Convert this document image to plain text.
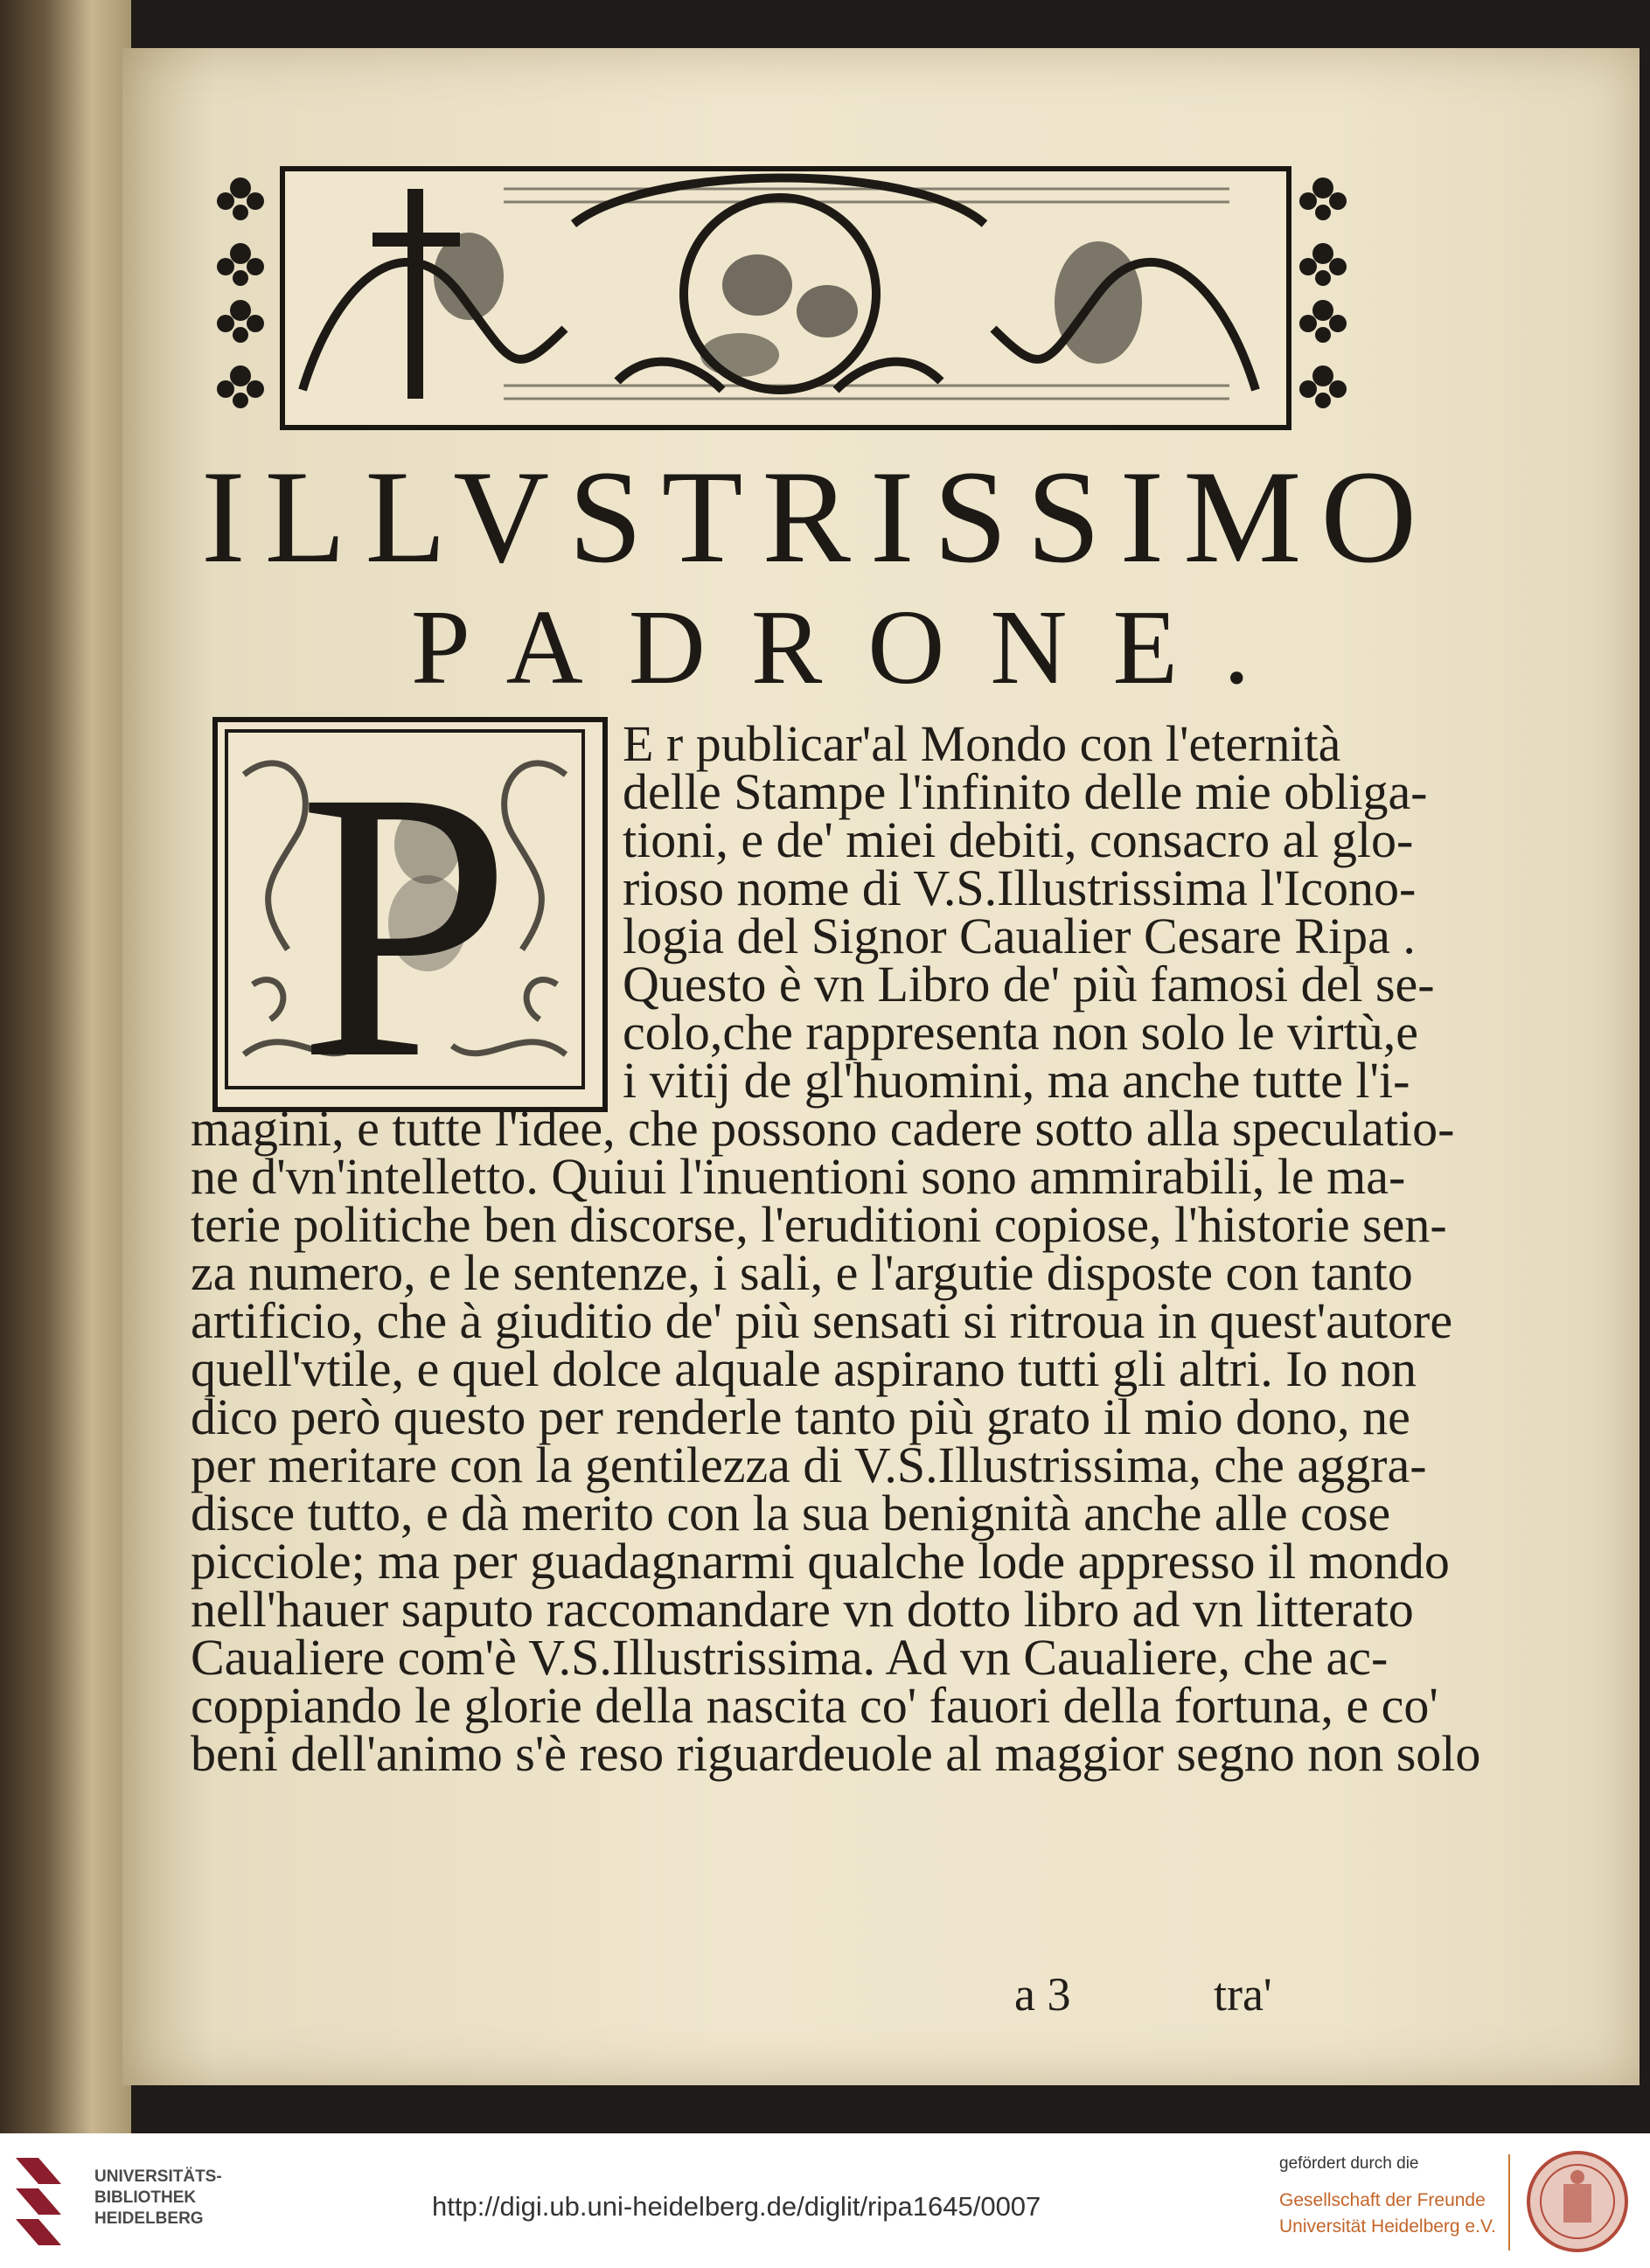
ILLVSTRISSIMO
PADRONE.
P E r publicar'al Mondo con l'eternità
delle Stampe l'infinito delle mie obliga-
tioni, e de' miei debiti, consacro al glo-
rioso nome di V.S.Illustrissima l'Icono-
logia del Signor Caualier Cesare Ripa .
Questo è vn Libro de' più famosi del se-
colo,che rappresenta non solo le virtù,e
i vitij de gl'huomini, ma anche tutte l'i-
magini, e tutte l'idee, che possono cadere sotto alla speculatio-
ne d'vn'intelletto. Quiui l'inuentioni sono ammirabili, le ma-
terie politiche ben discorse, l'eruditioni copiose, l'historie sen-
za numero, e le sentenze, i sali, e l'argutie disposte con tanto
artificio, che à giuditio de' più sensati si ritroua in quest'autore
quell'vtile, e quel dolce alquale aspirano tutti gli altri. Io non
dico però questo per renderle tanto più grato il mio dono, ne
per meritare con la gentilezza di V.S.Illustrissima, che aggra-
disce tutto, e dà merito con la sua benignità anche alle cose
picciole; ma per guadagnarmi qualche lode appresso il mondo
nell'hauer saputo raccomandare vn dotto libro ad vn litterato
Caualiere com'è V.S.Illustrissima. Ad vn Caualiere, che ac-
coppiando le glorie della nascita co' fauori della fortuna, e co'
beni dell'animo s'è reso riguardeuole al maggior segno non solo
a 3	tra'
UNIVERSITÄTS-
BIBLIOTHEK
HEIDELBERG	http://digi.ub.uni-heidelberg.de/diglit/ripa1645/0007
gefördert durch die
Gesellschaft der Freunde
Universität Heidelberg e.V.
